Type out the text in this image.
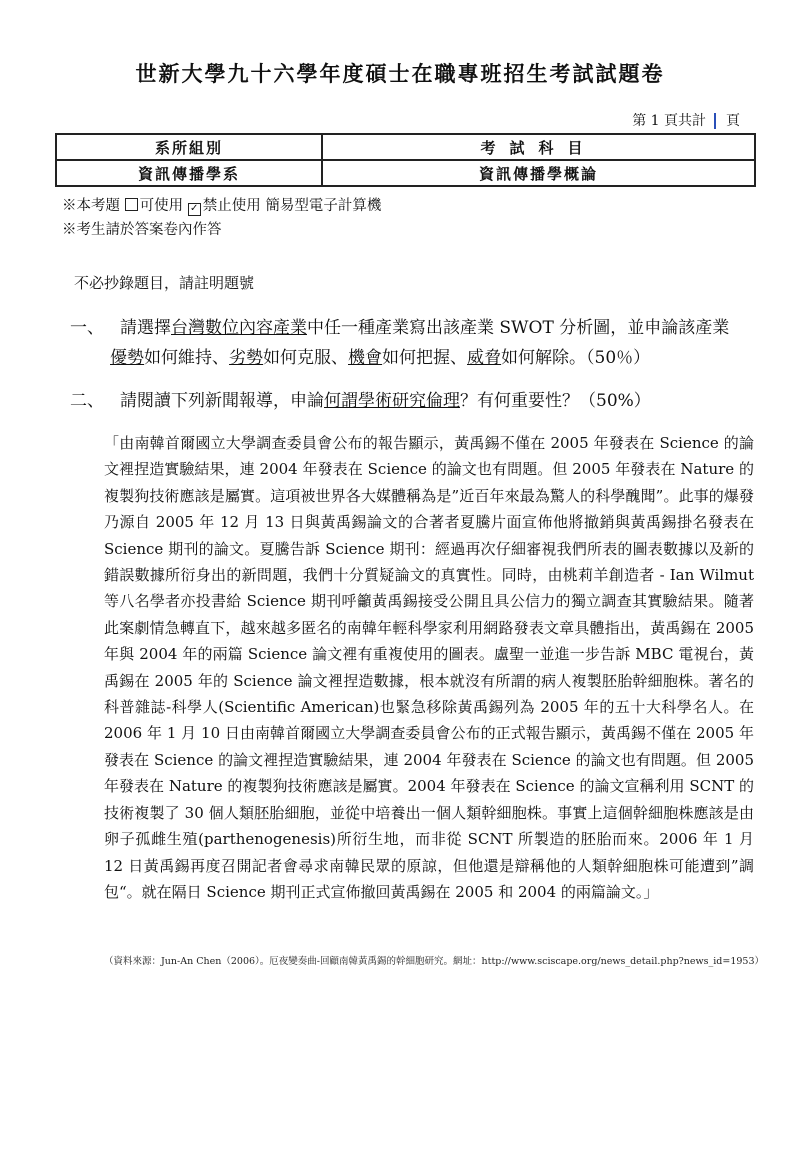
世新大學九十六學年度碩士在職專班招生考試試題卷
第 1 頁共計 頁
系所組別	考試科目
資訊傳播學系	資訊傳播學概論
※本考題 可使用 ✓ 禁止使用 簡易型電子計算機
※考生請於答案卷內作答
不必抄錄題目，請註明題號
一、 請選擇台灣數位內容產業中任一種產業寫出該產業 SWOT 分析圖，並申論該產業
優勢如何維持、劣勢如何克服、機會如何把握、威脅如何解除。（50％）
二、 請閱讀下列新聞報導，申論何謂學術研究倫理？有何重要性？（50%）
「由南韓首爾國立大學調查委員會公布的報告顯示，黃禹錫不僅在 2005 年發表在 Science 的論文裡捏造實驗結果，連 2004 年發表在 Science 的論文也有問題。但 2005 年發表在 Nature 的複製狗技術應該是屬實。這項被世界各大媒體稱為是”近百年來最為驚人的科學醜聞”。此事的爆發乃源自 2005 年 12 月 13 日與黃禹錫論文的合著者夏騰片面宣佈他將撤銷與黃禹錫掛名發表在 Science 期刊的論文。夏騰告訴 Science 期刊：經過再次仔細審視我們所表的圖表數據以及新的錯誤數據所衍身出的新問題，我們十分質疑論文的真實性。同時，由桃莉羊創造者 - Ian Wilmut 等八名學者亦投書給 Science 期刊呼籲黃禹錫接受公開且具公信力的獨立調查其實驗結果。隨著此案劇情急轉直下，越來越多匿名的南韓年輕科學家利用網路發表文章具體指出，黃禹錫在 2005 年與 2004 年的兩篇 Science 論文裡有重複使用的圖表。盧聖一並進一步告訴 MBC 電視台，黃禹錫在 2005 年的 Science 論文裡捏造數據，根本就沒有所謂的病人複製胚胎幹細胞株。著名的科普雜誌-科學人(Scientific American)也緊急移除黃禹錫列為 2005 年的五十大科學名人。在 2006 年 1 月 10 日由南韓首爾國立大學調查委員會公布的正式報告顯示，黃禹錫不僅在 2005 年發表在 Science 的論文裡捏造實驗結果，連 2004 年發表在 Science 的論文也有問題。但 2005 年發表在 Nature 的複製狗技術應該是屬實。2004 年發表在 Science 的論文宣稱利用 SCNT 的技術複製了 30 個人類胚胎細胞，並從中培養出一個人類幹細胞株。事實上這個幹細胞株應該是由卵子孤雌生殖(parthenogenesis)所衍生地，而非從 SCNT 所製造的胚胎而來。2006 年 1 月 12 日黃禹錫再度召開記者會尋求南韓民眾的原諒，但他還是辯稱他的人類幹細胞株可能遭到”調包“。就在隔日 Science 期刊正式宣佈撤回黃禹錫在 2005 和 2004 的兩篇論文。」
（資料來源：Jun-An Chen（2006）。厄夜變奏曲-回顧南韓黃禹錫的幹細胞研究。網址：http://www.sciscape.org/news_detail.php?news_id=1953）
